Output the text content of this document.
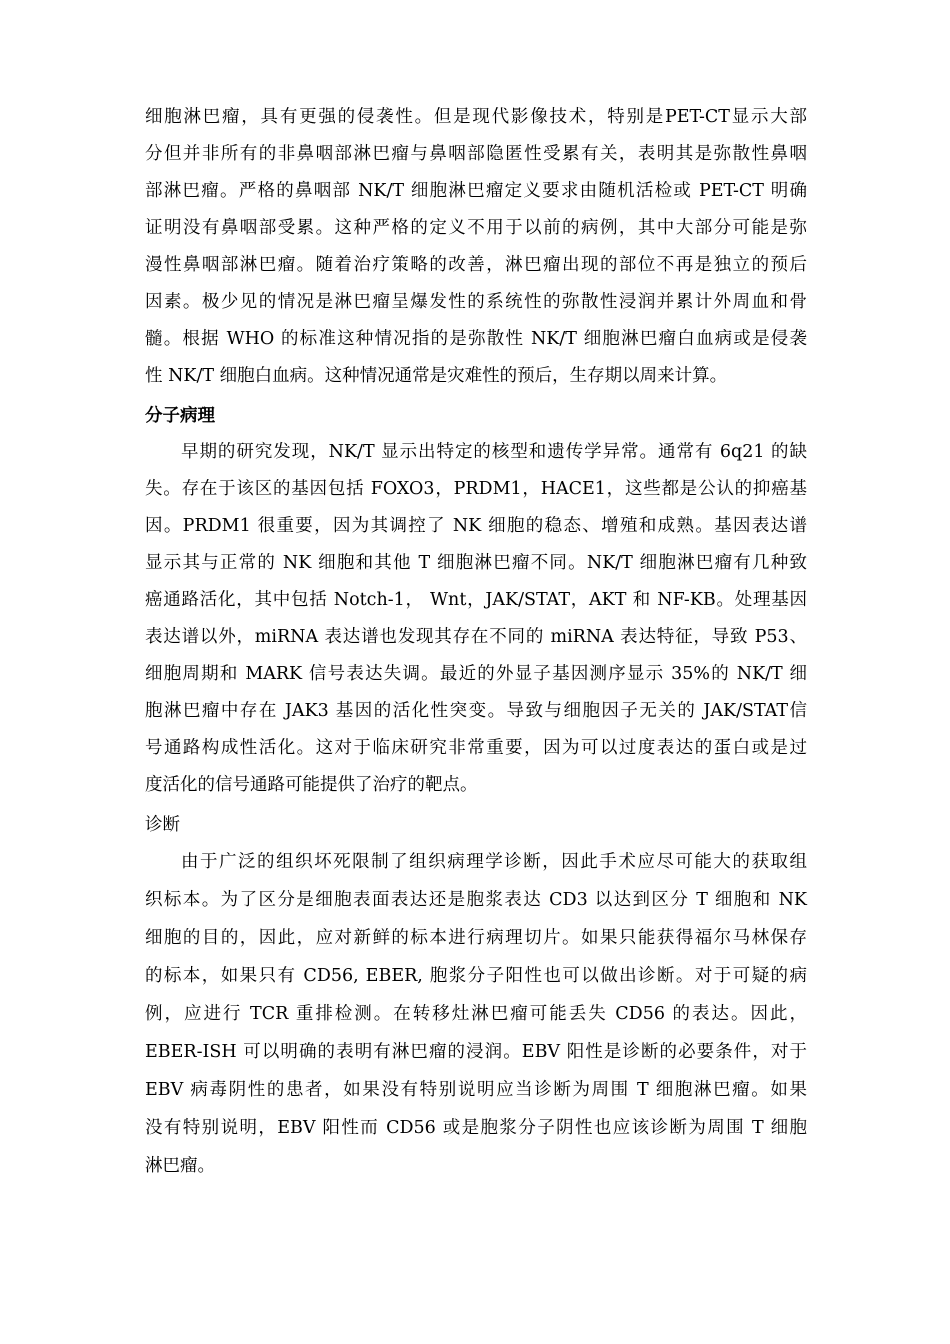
细胞淋巴瘤，具有更强的侵袭性。但是现代影像技术，特别是PET-CT显示大部
分但并非所有的非鼻咽部淋巴瘤与鼻咽部隐匿性受累有关，表明其是弥散性鼻咽
部淋巴瘤。严格的鼻咽部 NK/T 细胞淋巴瘤定义要求由随机活检或 PET-CT 明确
证明没有鼻咽部受累。这种严格的定义不用于以前的病例，其中大部分可能是弥
漫性鼻咽部淋巴瘤。随着治疗策略的改善，淋巴瘤出现的部位不再是独立的预后
因素。极少见的情况是淋巴瘤呈爆发性的系统性的弥散性浸润并累计外周血和骨
髓。根据 WHO 的标准这种情况指的是弥散性 NK/T 细胞淋巴瘤白血病或是侵袭
性 NK/T 细胞白血病。这种情况通常是灾难性的预后，生存期以周来计算。
分子病理
早期的研究发现，NK/T 显示出特定的核型和遗传学异常。通常有 6q21 的缺
失。存在于该区的基因包括 FOXO3，PRDM1，HACE1，这些都是公认的抑癌基
因。PRDM1 很重要，因为其调控了 NK 细胞的稳态、增殖和成熟。基因表达谱
显示其与正常的 NK 细胞和其他 T 细胞淋巴瘤不同。NK/T 细胞淋巴瘤有几种致
癌通路活化，其中包括 Notch-1， Wnt，JAK/STAT，AKT 和 NF-ΚB。处理基因
表达谱以外，miRNA 表达谱也发现其存在不同的 miRNA 表达特征，导致 P53、
细胞周期和 MARK 信号表达失调。最近的外显子基因测序显示 35%的 NK/T 细
胞淋巴瘤中存在 JAK3 基因的活化性突变。导致与细胞因子无关的 JAK/STAT信
号通路构成性活化。这对于临床研究非常重要，因为可以过度表达的蛋白或是过
度活化的信号通路可能提供了治疗的靶点。
诊断
由于广泛的组织坏死限制了组织病理学诊断，因此手术应尽可能大的获取组
织标本。为了区分是细胞表面表达还是胞浆表达 CD3 以达到区分 T 细胞和 NK
细胞的目的，因此，应对新鲜的标本进行病理切片。如果只能获得福尔马林保存
的标本，如果只有 CD56, EBER, 胞浆分子阳性也可以做出诊断。对于可疑的病
例，应进行 TCR 重排检测。在转移灶淋巴瘤可能丢失 CD56 的表达。因此，
EBER-ISH 可以明确的表明有淋巴瘤的浸润。EBV 阳性是诊断的必要条件，对于
EBV 病毒阴性的患者，如果没有特别说明应当诊断为周围 T 细胞淋巴瘤。如果
没有特别说明，EBV 阳性而 CD56 或是胞浆分子阴性也应该诊断为周围 T 细胞
淋巴瘤。
